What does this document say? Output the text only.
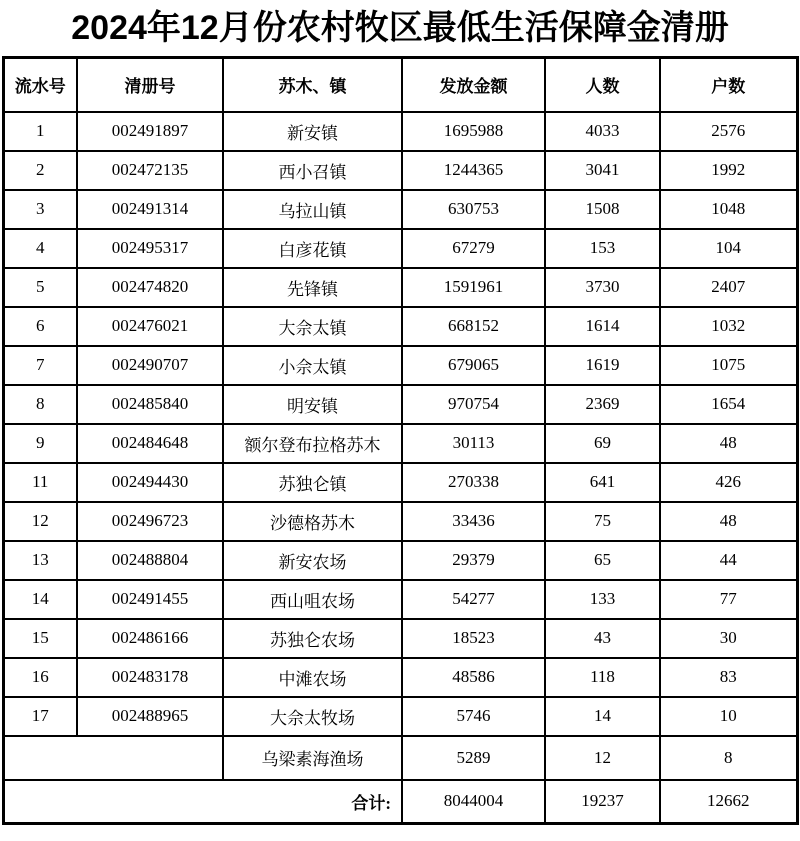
2024年12月份农村牧区最低生活保障金清册
流水号	清册号	苏木、镇	发放金额	人数	户数
1	002491897	新安镇	1695988	4033	2576
2	002472135	西小召镇	1244365	3041	1992
3	002491314	乌拉山镇	630753	1508	1048
4	002495317	白彦花镇	67279	153	104
5	002474820	先锋镇	1591961	3730	2407
6	002476021	大佘太镇	668152	1614	1032
7	002490707	小佘太镇	679065	1619	1075
8	002485840	明安镇	970754	2369	1654
9	002484648	额尔登布拉格苏木	30113	69	48
11	002494430	苏独仑镇	270338	641	426
12	002496723	沙德格苏木	33436	75	48
13	002488804	新安农场	29379	65	44
14	002491455	西山咀农场	54277	133	77
15	002486166	苏独仑农场	18523	43	30
16	002483178	中滩农场	48586	118	83
17	002488965	大佘太牧场	5746	14	10
		乌梁素海渔场	5289	12	8
合计:			8044004	19237	12662
